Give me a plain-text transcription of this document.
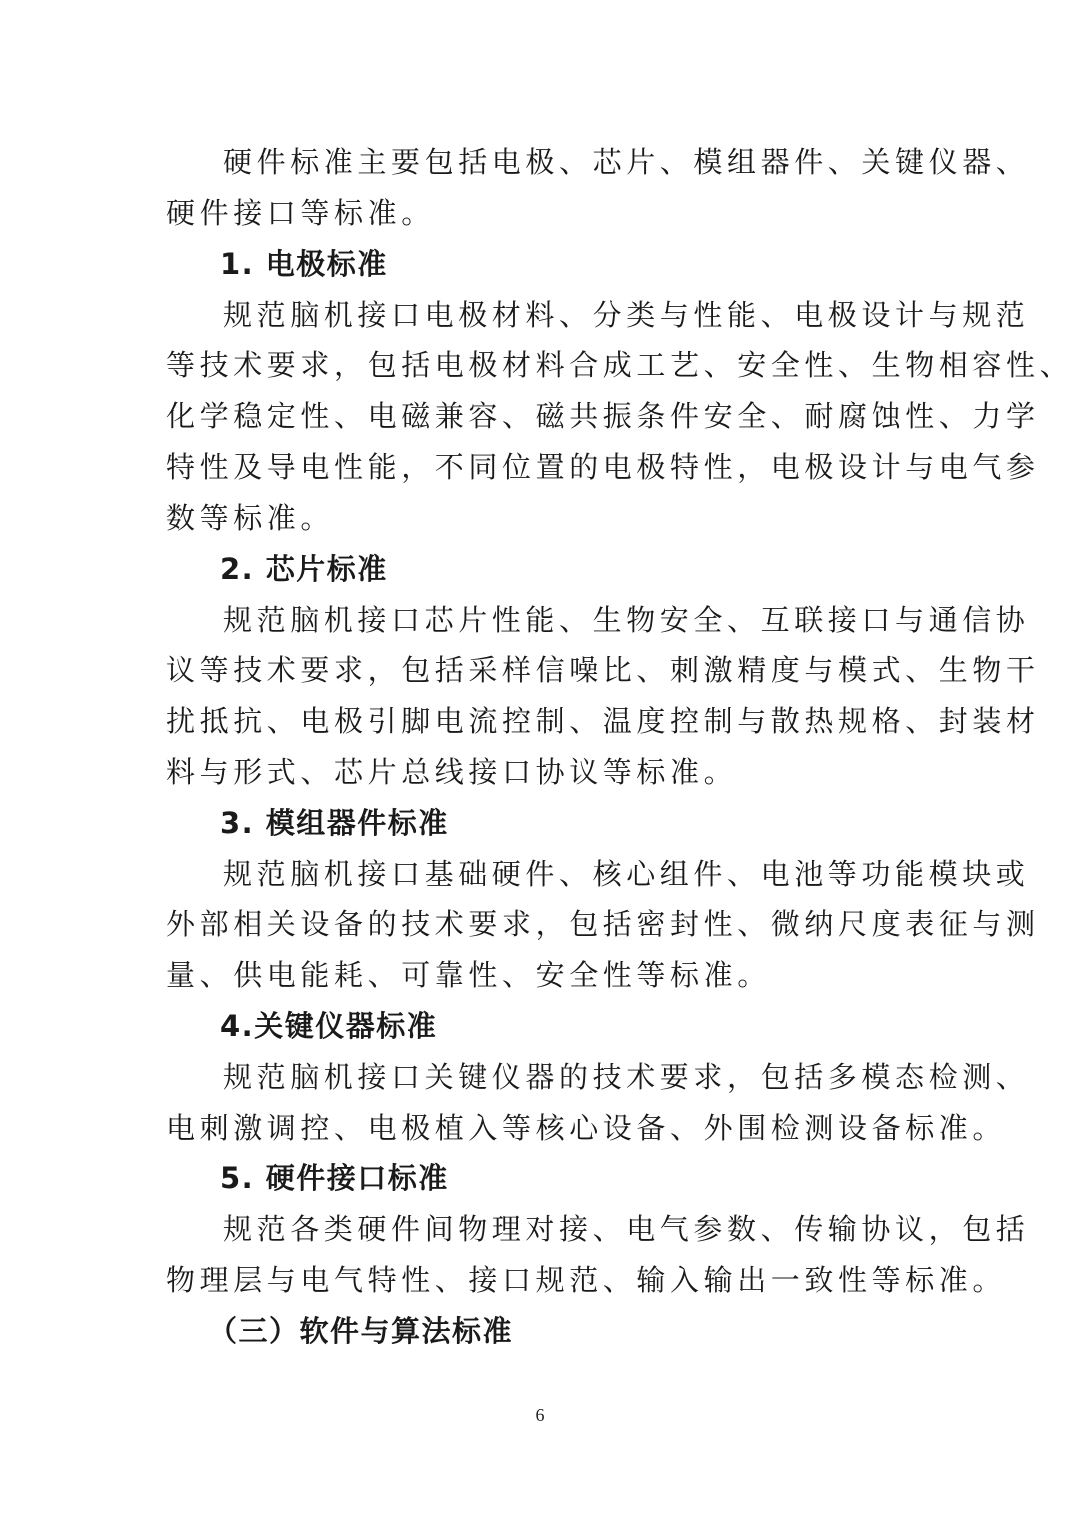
硬件标准主要包括电极、芯片、模组器件、关键仪器、
硬件接口等标准。
1. 电极标准
规范脑机接口电极材料、分类与性能、电极设计与规范
等技术要求，包括电极材料合成工艺、安全性、生物相容性、
化学稳定性、电磁兼容、磁共振条件安全、耐腐蚀性、力学
特性及导电性能，不同位置的电极特性，电极设计与电气参
数等标准。
2. 芯片标准
规范脑机接口芯片性能、生物安全、互联接口与通信协
议等技术要求，包括采样信噪比、刺激精度与模式、生物干
扰抵抗、电极引脚电流控制、温度控制与散热规格、封装材
料与形式、芯片总线接口协议等标准。
3. 模组器件标准
规范脑机接口基础硬件、核心组件、电池等功能模块或
外部相关设备的技术要求，包括密封性、微纳尺度表征与测
量、供电能耗、可靠性、安全性等标准。
4.关键仪器标准
规范脑机接口关键仪器的技术要求，包括多模态检测、
电刺激调控、电极植入等核心设备、外围检测设备标准。
5. 硬件接口标准
规范各类硬件间物理对接、电气参数、传输协议，包括
物理层与电气特性、接口规范、输入输出一致性等标准。
（三）软件与算法标准
6
